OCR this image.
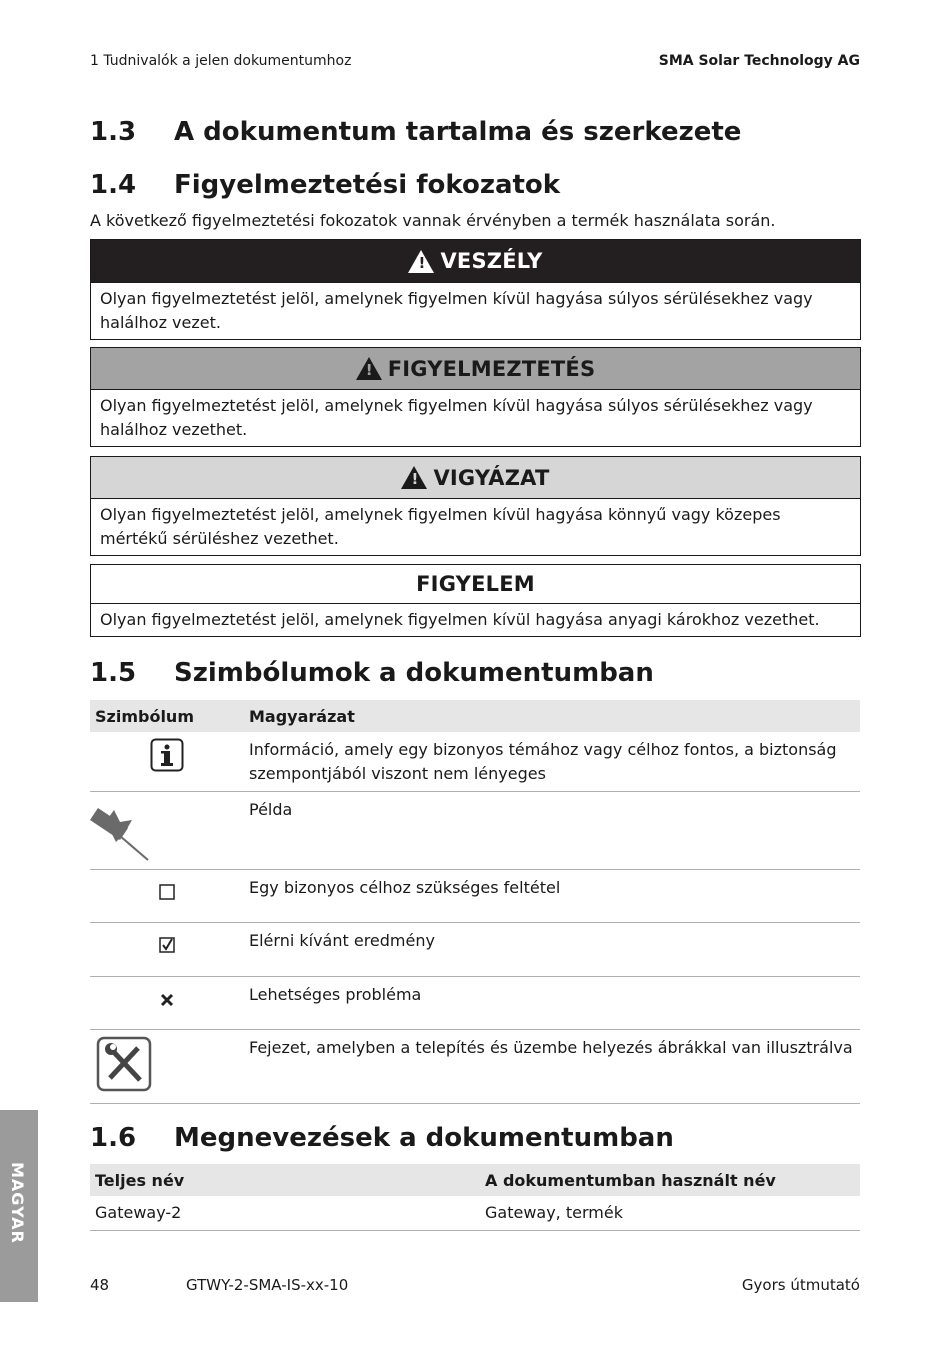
1 Tudnivalók a jelen dokumentumhoz	SMA Solar Technology AG
1.3 A dokumentum tartalma és szerkezete
1.4 Figyelmeztetési fokozatok
A következő figyelmeztetési fokozatok vannak érvényben a termék használata során.
!
VESZÉLY
Olyan figyelmeztetést jelöl, amelynek figyelmen kívül hagyása súlyos sérülésekhez vagy halálhoz vezet.
!
FIGYELMEZTETÉS
Olyan figyelmeztetést jelöl, amelynek figyelmen kívül hagyása súlyos sérülésekhez vagy halálhoz vezethet.
!
VIGYÁZAT
Olyan figyelmeztetést jelöl, amelynek figyelmen kívül hagyása könnyű vagy közepes mértékű sérüléshez vezethet.
FIGYELEM
Olyan figyelmeztetést jelöl, amelynek figyelmen kívül hagyása anyagi károkhoz vezethet.
1.5 Szimbólumok a dokumentumban
Szimbólum	Magyarázat
	Információ, amely egy bizonyos témához vagy célhoz fontos, a biztonság szempontjából viszont nem lényeges
	Példa
	Egy bizonyos célhoz szükséges feltétel
	Elérni kívánt eredmény
	Lehetséges probléma
	Fejezet, amelyben a telepítés és üzembe helyezés ábrákkal van illusztrálva
1.6 Megnevezések a dokumentumban
Teljes név	A dokumentumban használt név
Gateway-2	Gateway, termék
MAGYAR
48	GTWY-2-SMA-IS-xx-10	Gyors útmutató
